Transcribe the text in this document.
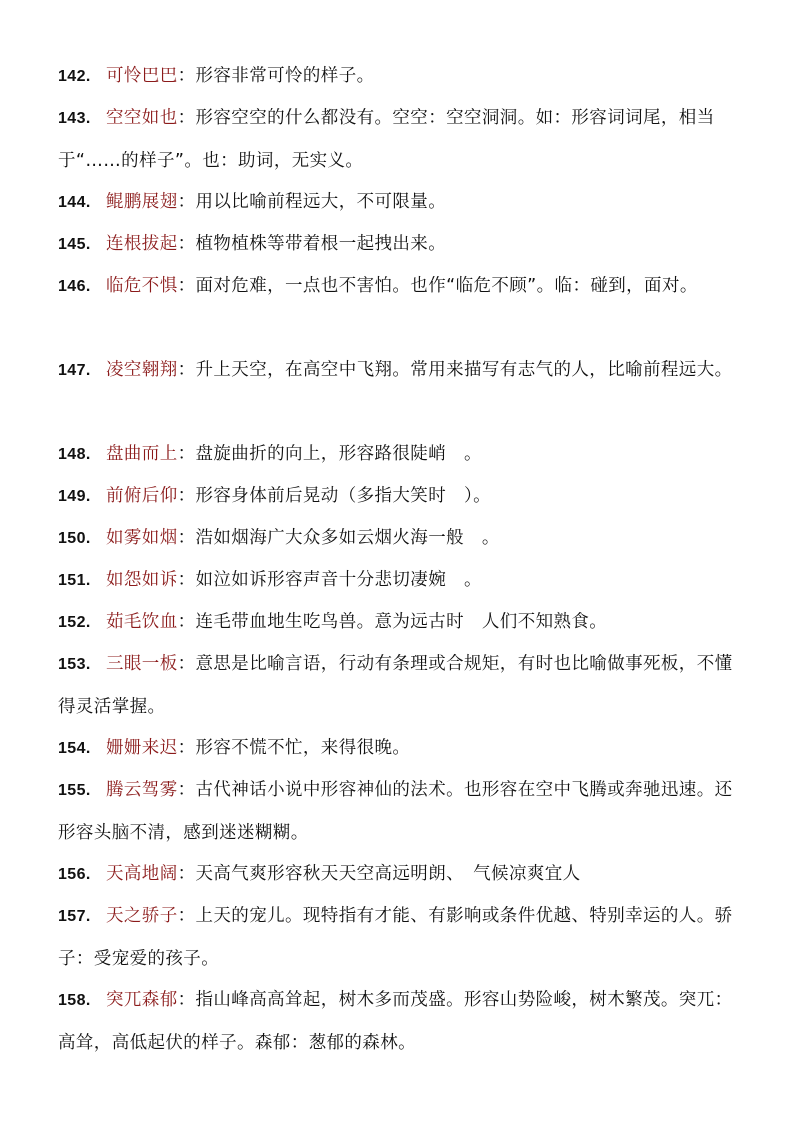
142. 可怜巴巴：形容非常可怜的样子。
143. 空空如也：形容空空的什么都没有。空空：空空洞洞。如：形容词词尾，相当于“……的样子”。也：助词，无实义。
144. 鲲鹏展翅：用以比喻前程远大，不可限量。
145. 连根拔起：植物植株等带着根一起拽出来。
146. 临危不惧：面对危难，一点也不害怕。也作“临危不顾”。临：碰到，面对。
147. 凌空翱翔：升上天空，在高空中飞翔。常用来描写有志气的人，比喻前程远大。
148. 盘曲而上：盘旋曲折的向上，形容路很陡峭　。
149. 前俯后仰：形容身体前后晃动（多指大笑时　）。
150. 如雾如烟：浩如烟海广大众多如云烟火海一般　。
151. 如怨如诉：如泣如诉形容声音十分悲切凄婉　。
152. 茹毛饮血：连毛带血地生吃鸟兽。意为远古时　人们不知熟食。
153. 三眼一板：意思是比喻言语，行动有条理或合规矩，有时也比喻做事死板，不懂得灵活掌握。
154. 姗姗来迟：形容不慌不忙，来得很晚。
155. 腾云驾雾：古代神话小说中形容神仙的法术。也形容在空中飞腾或奔驰迅速。还形容头脑不清，感到迷迷糊糊。
156. 天高地阔：天高气爽形容秋天天空高远明朗、　气候凉爽宜人
157. 天之骄子：上天的宠儿。现特指有才能、有影响或条件优越、特别幸运的人。骄子：受宠爱的孩子。
158. 突兀森郁：指山峰高高耸起，树木多而茂盛。形容山势险峻，树木繁茂。突兀：高耸，高低起伏的样子。森郁：葱郁的森林。
